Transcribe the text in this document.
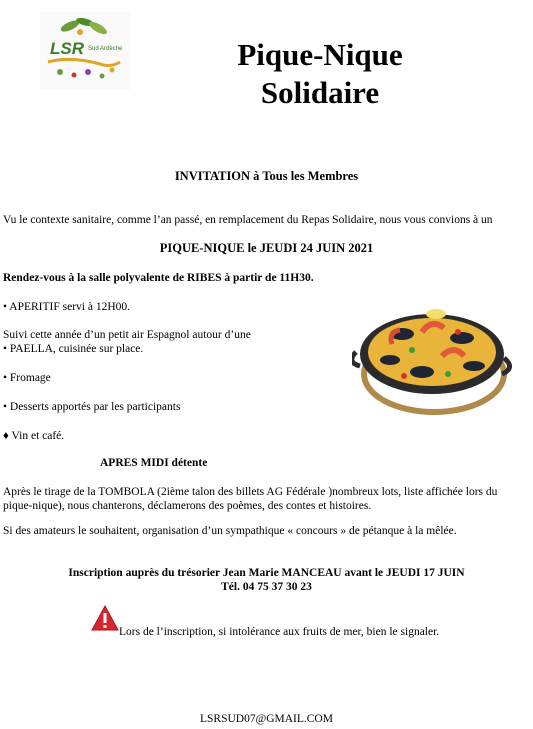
LSR Sud Ardèche	Pique-Nique
Solidaire
INVITATION à Tous les Membres
Vu le contexte sanitaire, comme l’an passé, en remplacement du Repas Solidaire, nous vous convions à un
PIQUE-NIQUE le JEUDI 24 JUIN 2021
Rendez-vous à la salle polyvalente de RIBES à partir de 11H30.
• APERITIF servi à 12H00.
Suivi cette année d’un petit air Espagnol autour d’une
• PAELLA, cuisinée sur place.
• Fromage
• Desserts apportés par les participants
♦ Vin et café.
APRES MIDI détente
Après le tirage de la TOMBOLA (2ième talon des billets AG Fédérale )nombreux lots, liste affichée lors du
pique-nique), nous chanterons, déclamerons des poèmes, des contes et histoires.
Si des amateurs le souhaitent, organisation d’un sympathique « concours » de pétanque à la mêlée.
Inscription auprès du trésorier Jean Marie MANCEAU avant le JEUDI 17 JUIN
Tél. 04 75 37 30 23
Lors de l’inscription, si intolérance aux fruits de mer, bien le signaler.
LSRSUD07@GMAIL.COM
